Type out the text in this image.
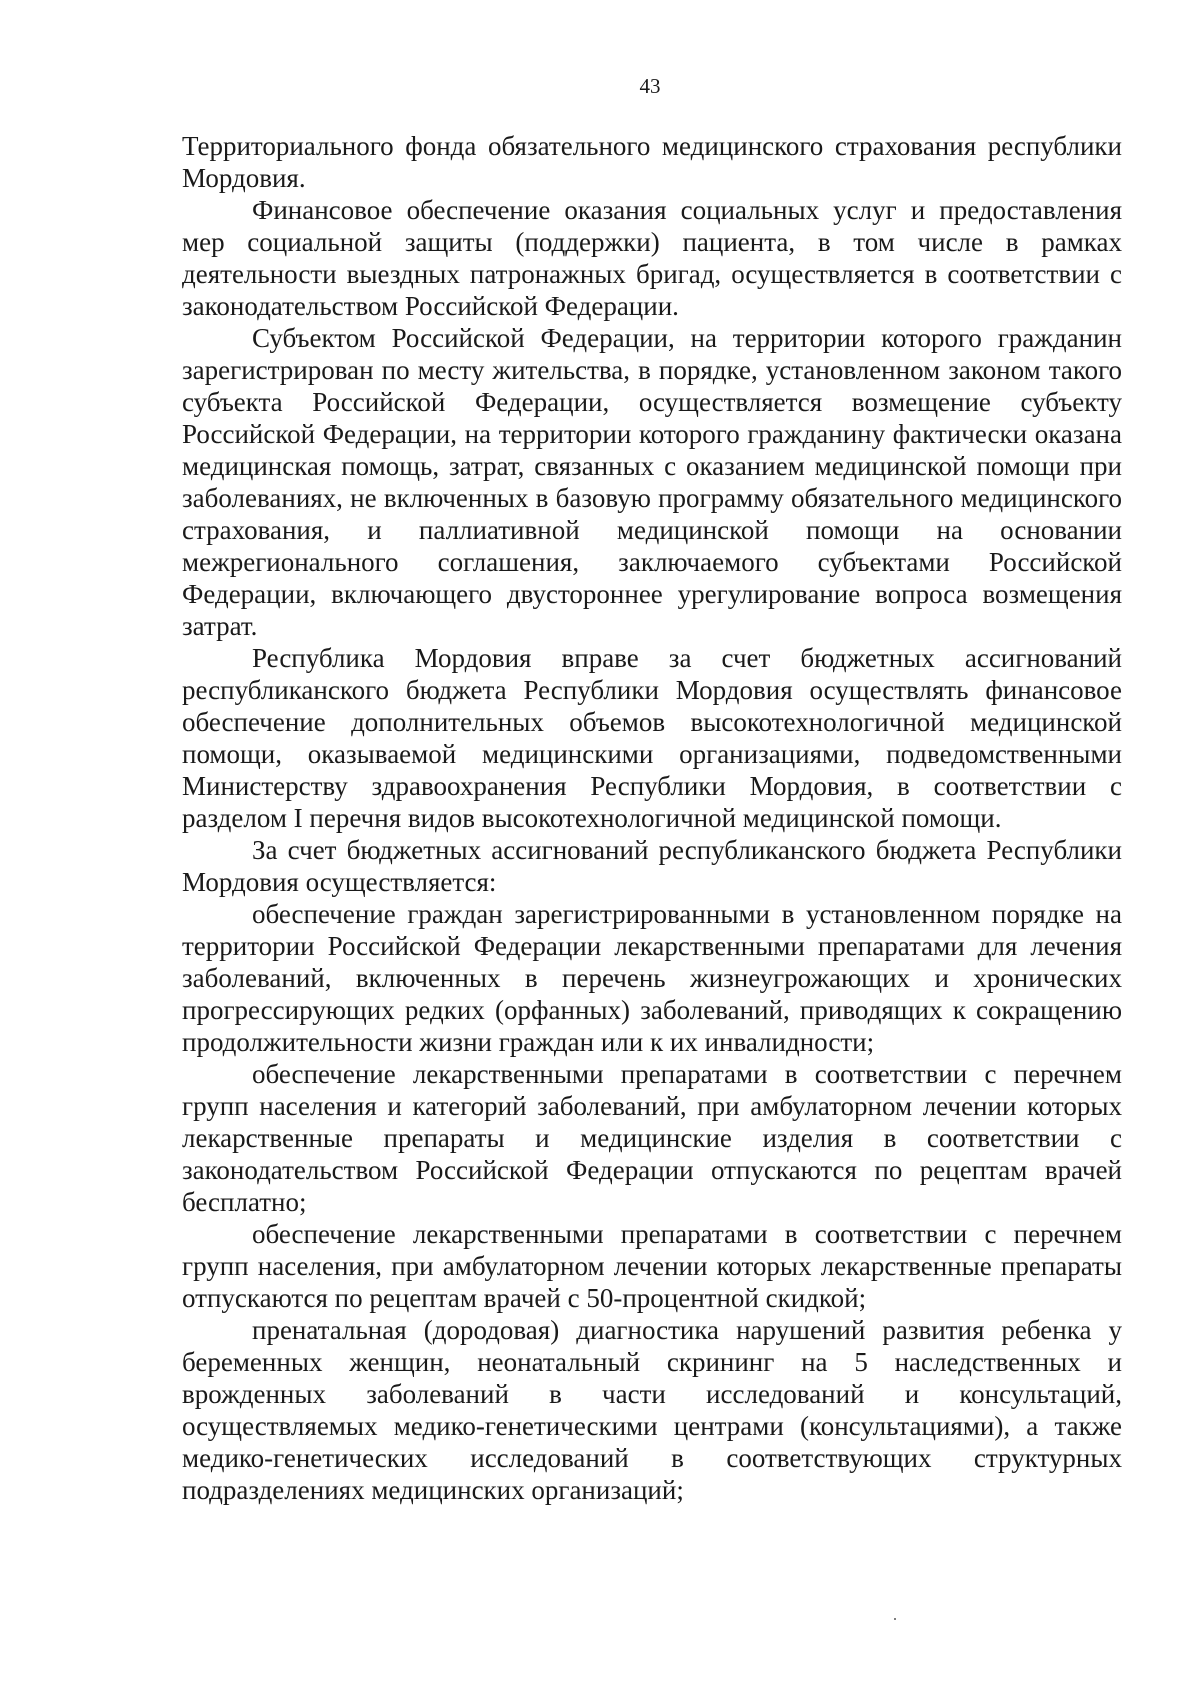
43

Территориального фонда обязательного медицинского страхования республики Мордовия.

Финансовое обеспечение оказания социальных услуг и предоставления мер социальной защиты (поддержки) пациента, в том числе в рамках деятельности выездных патронажных бригад, осуществляется в соответствии с законодательством Российской Федерации.

Субъектом Российской Федерации, на территории которого гражданин зарегистрирован по месту жительства, в порядке, установленном законом такого субъекта Российской Федерации, осуществляется возмещение субъекту Российской Федерации, на территории которого гражданину фактически оказана медицинская помощь, затрат, связанных с оказанием медицинской помощи при заболеваниях, не включенных в базовую программу обязательного медицинского страхования, и паллиативной медицинской помощи на основании межрегионального соглашения, заключаемого субъектами Российской Федерации, включающего двустороннее урегулирование вопроса возмещения затрат.

Республика Мордовия вправе за счет бюджетных ассигнований республиканского бюджета Республики Мордовия осуществлять финансовое обеспечение дополнительных объемов высокотехнологичной медицинской помощи, оказываемой медицинскими организациями, подведомственными Министерству здравоохранения Республики Мордовия, в соответствии с разделом I перечня видов высокотехнологичной медицинской помощи.

За счет бюджетных ассигнований республиканского бюджета Республики Мордовия осуществляется:

обеспечение граждан зарегистрированными в установленном порядке на территории Российской Федерации лекарственными препаратами для лечения заболеваний, включенных в перечень жизнеугрожающих и хронических прогрессирующих редких (орфанных) заболеваний, приводящих к сокращению продолжительности жизни граждан или к их инвалидности;

обеспечение лекарственными препаратами в соответствии с перечнем групп населения и категорий заболеваний, при амбулаторном лечении которых лекарственные препараты и медицинские изделия в соответствии с законодательством Российской Федерации отпускаются по рецептам врачей бесплатно;

обеспечение лекарственными препаратами в соответствии с перечнем групп населения, при амбулаторном лечении которых лекарственные препараты отпускаются по рецептам врачей с 50-процентной скидкой;

пренатальная (дородовая) диагностика нарушений развития ребенка у беременных женщин, неонатальный скрининг на 5 наследственных и врожденных заболеваний в части исследований и консультаций, осуществляемых медико-генетическими центрами (консультациями), а также медико-генетических исследований в соответствующих структурных подразделениях медицинских организаций;
